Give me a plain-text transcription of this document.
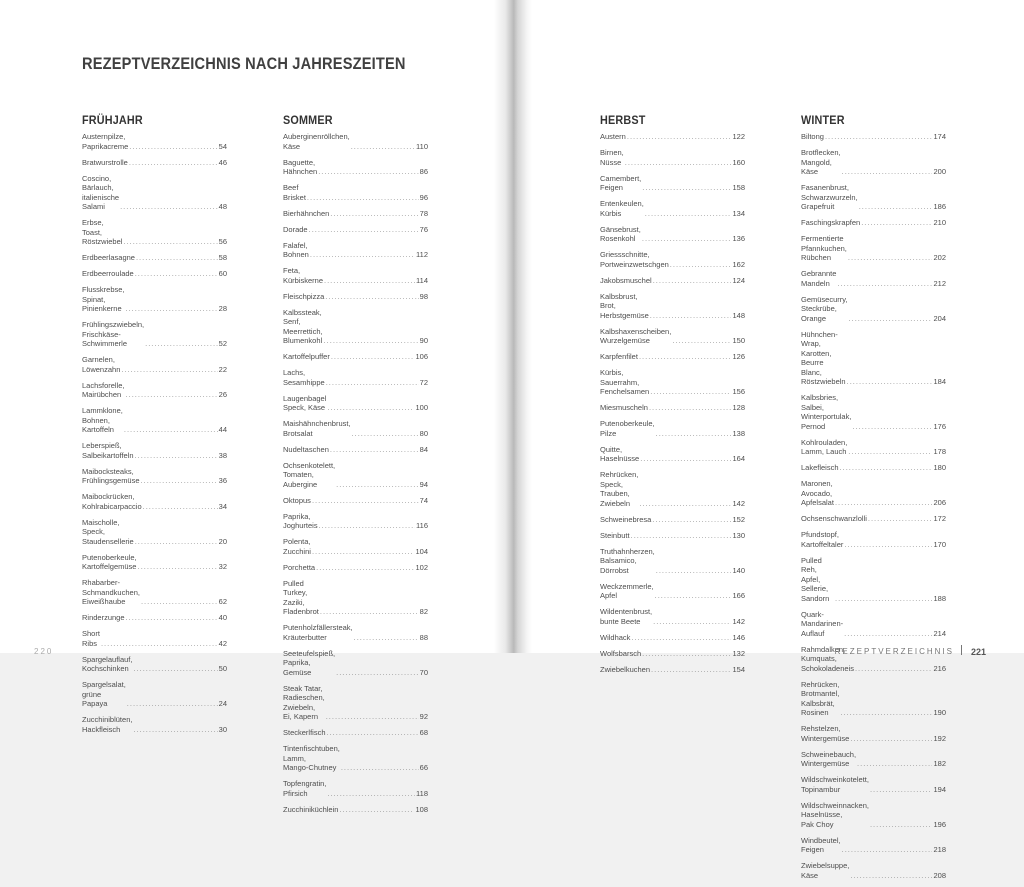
REZEPTVERZEICHNIS NACH JAHRESZEITEN
FRÜHJAHR
Austernpilze, Paprikacreme .....	54
Bratwurstrolle .....	46
Coscino, Bärlauch, italienische Salami .....	48
Erbse, Toast, Röstzwiebel .....	56
Erdbeerlasagne .....	58
Erdbeerroulade .....	60
Flusskrebse, Spinat, Pinienkerne .....	28
Frühlingszwiebeln, Frischkäse-
Schwimmerle .....	52
Garnelen, Löwenzahn .....	22
Lachsforelle, Mairübchen .....	26
Lammklone, Bohnen, Kartoffeln .....	44
Leberspieß, Salbeikartoffeln .....	38
Maibocksteaks, Frühlingsgemüse .....	36
Maibockrücken, Kohlrabicarpaccio .....	34
Maischolle, Speck, Staudensellerie .....	20
Putenoberkeule, Kartoffelgemüse .....	32
Rhabarber-Schmandkuchen,
Eiweißhaube .....	62
Rinderzunge .....	40
Short Ribs .....	42
Spargelauflauf, Kochschinken .....	50
Spargelsalat, grüne Papaya .....	24
Zucchiniblüten, Hackfleisch .....	30
SOMMER
Auberginenröllchen, Käse .....	110
Baguette, Hähnchen .....	86
Beef Brisket .....	96
Bierhähnchen .....	78
Dorade .....	76
Falafel, Bohnen .....	112
Feta, Kürbiskerne .....	114
Fleischpizza .....	98
Kalbssteak, Senf, Meerrettich,
Blumenkohl .....	90
Kartoffelpuffer .....	106
Lachs, Sesamhippe .....	72
Laugenbagel Speck, Käse .....	100
Maishähnchenbrust, Brotsalat .....	80
Nudeltaschen .....	84
Ochsenkotelett, Tomaten, Aubergine .....	94
Oktopus .....	74
Paprika, Joghurteis .....	116
Polenta, Zucchini .....	104
Porchetta .....	102
Pulled Turkey, Zaziki, Fladenbrot .....	82
Putenholzfällersteak, Kräuterbutter .....	88
Seeteufelspieß, Paprika, Gemüse .....	70
Steak Tatar, Radieschen, Zwiebeln,
Ei, Kapern .....	92
Steckerlfisch .....	68
Tintenfischtuben, Lamm,
Mango-Chutney .....	66
Topfengratin, Pfirsich .....	118
Zucchiniküchlein .....	108
220
HERBST
Austern .....	122
Birnen, Nüsse .....	160
Camembert, Feigen .....	158
Entenkeulen, Kürbis .....	134
Gänsebrust, Rosenkohl .....	136
Griessschnitte, Portweinzwetschgen .....	162
Jakobsmuschel .....	124
Kalbsbrust, Brot, Herbstgemüse .....	148
Kalbshaxenscheiben, Wurzelgemüse .....	150
Karpfenfilet .....	126
Kürbis, Sauerrahm,
Fenchelsamen .....	156
Miesmuscheln .....	128
Putenoberkeule, Pilze .....	138
Quitte, Haselnüsse .....	164
Rehrücken, Speck, Trauben, Zwiebeln .....	142
Schweinebresa .....	152
Steinbutt .....	130
Truthahnherzen, Balsamico, Dörrobst .....	140
Weckzemmerle, Apfel .....	166
Wildentenbrust, bunte Beete .....	142
Wildhack .....	146
Wolfsbarsch .....	132
Zwiebelkuchen .....	154
WINTER
Biltong .....	174
Brotflecken, Mangold, Käse .....	200
Fasanenbrust, Schwarzwurzeln,
Grapefruit .....	186
Faschingskrapfen .....	210
Fermentierte Pfannkuchen, Rübchen .....	202
Gebrannte Mandeln .....	212
Gemüsecurry, Steckrübe, Orange .....	204
Hühnchen-Wrap, Karotten,
Beurre Blanc, Röstzwiebeln .....	184
Kalbsbries, Salbei, Winterportulak,
Pernod .....	176
Kohlrouladen, Lamm, Lauch .....	178
Lakefleisch .....	180
Maronen, Avocado, Apfelsalat .....	206
Ochsenschwanzlolli .....	172
Pfundstopf, Kartoffeltaler .....	170
Pulled Reh, Apfel, Sellerie, Sandorn .....	188
Quark-Mandarinen-Auflauf .....	214
Rahmdalken, Kumquats,
Schokoladeneis .....	216
Rehrücken, Brotmantel,
Kalbsbrät, Rosinen .....	190
Rehstelzen, Wintergemüse .....	192
Schweinebauch, Wintergemüse .....	182
Wildschweinkotelett, Topinambur .....	194
Wildschweinnacken, Haselnüsse,
Pak Choy .....	196
Windbeutel, Feigen .....	218
Zwiebelsuppe, Käse .....	208
REZEPTVERZEICHNIS 221
